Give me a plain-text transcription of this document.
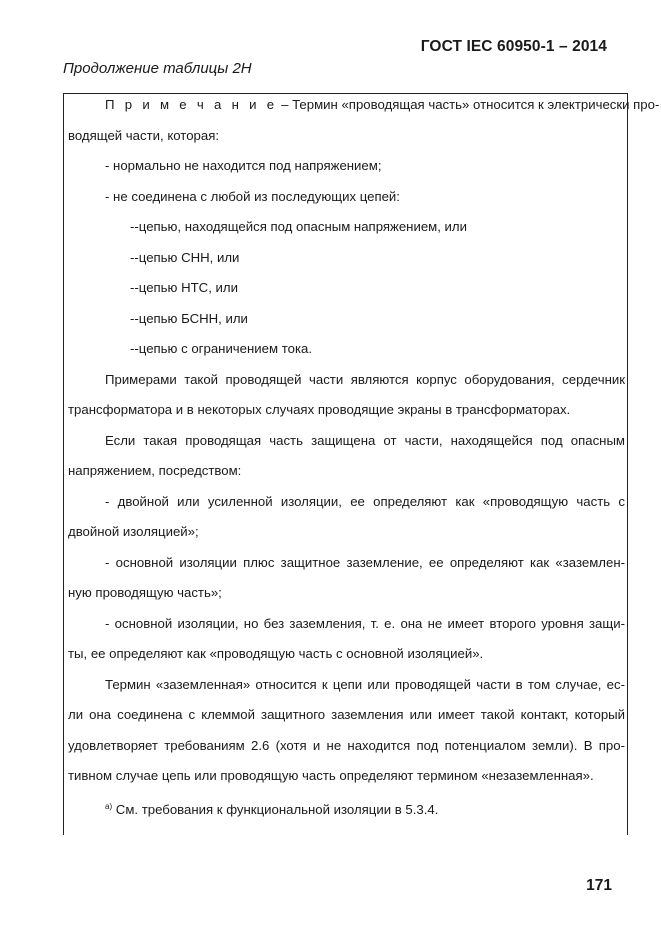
ГОСТ IEC 60950-1 – 2014
Продолжение таблицы 2H
П р и м е ч а н и е – Термин «проводящая часть» относится к электрически про-
водящей части, которая:
- нормально не находится под напряжением;
- не соединена с любой из последующих цепей:
--цепью, находящейся под опасным напряжением, или
--цепью СНН, или
--цепью НТС, или
--цепью БСНН, или
--цепью с ограничением тока.
Примерами такой проводящей части являются корпус оборудования, сердечник
трансформатора и в некоторых случаях проводящие экраны в трансформаторах.
Если такая проводящая часть защищена от части, находящейся под опасным
напряжением, посредством:
- двойной или усиленной изоляции, ее определяют как «проводящую часть с
двойной изоляцией»;
- основной изоляции плюс защитное заземление, ее определяют как «заземлен-
ную проводящую часть»;
- основной изоляции, но без заземления, т. е. она не имеет второго уровня защи-
ты, ее определяют как «проводящую часть с основной изоляцией».
Термин «заземленная» относится к цепи или проводящей части в том случае, ес-
ли она соединена с клеммой защитного заземления или имеет такой контакт, который
удовлетворяет требованиям 2.6 (хотя и не находится под потенциалом земли). В про-
тивном случае цепь или проводящую часть определяют термином «незаземленная».
$^{а)}$ См. требования к функциональной изоляции в 5.3.4.
171
